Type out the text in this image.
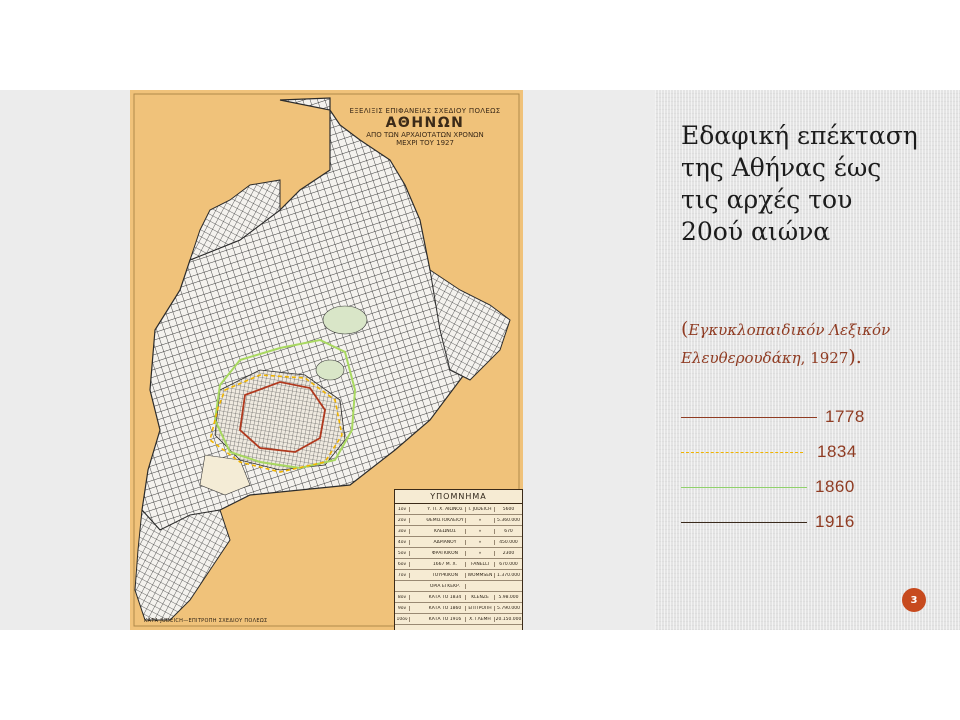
ΕΞΕΛΙΞΙΣ ΕΠΙΦΑΝΕΙΑΣ ΣΧΕΔΙΟΥ ΠΟΛΕΩΣ
ΑΘΗΝΩΝ
ΑΠΟ ΤΩΝ ΑΡΧΑΙΟΤΑΤΩΝ ΧΡΟΝΩΝ
ΜΕΧΡΙ ΤΟΥ 1927
ΥΠΟΜΝΗΜΑ
1ον	Υ. Π. Χ. ΑΙΩΝΟΣ	Ι. JUDEICH	5600
2ον	ΘΕΜΙΣΤΟΚΛΕΙΟΥ	»	5.360.000
3ον	ΚΛΕΩΝΟΣ	»	670
4ον	ΑΔΡΙΑΝΟΥ	»	450.000
5ον	ΦΡΑΓΚΙΚΟΝ	»	2300
6ον	1667 Μ. Χ.	FANELLI	670.000
7ον	ΤΟΥΡΚΙΚΟΝ	WOMMSEN	1.370.000
ΟΡΙΑ ΕΓΚΕΚΡ.
8ον	ΚΑΤΑ ΤΟ 1834	KLENZE	5.98.000
9ον	ΚΑΤΑ ΤΟ 1860	ΕΠΙΤΡΟΠΗ	5.790.000
10ον	ΚΑΤΑ ΤΟ 1916	Χ. ΓΛΕΜΗ	20.150.000
ΚΑΤΑ JUDEICH—ΕΠΙΤΡΟΠΗ ΣΧΕΔΙΟΥ ΠΟΛΕΩΣ
Εδαφική επέκταση της Αθήνας έως τις αρχές του 20ού αιώνα
(Εγκυκλοπαιδικόν Λεξικόν Ελευθερουδάκη, 1927).
1778
1834
1860
1916
3
